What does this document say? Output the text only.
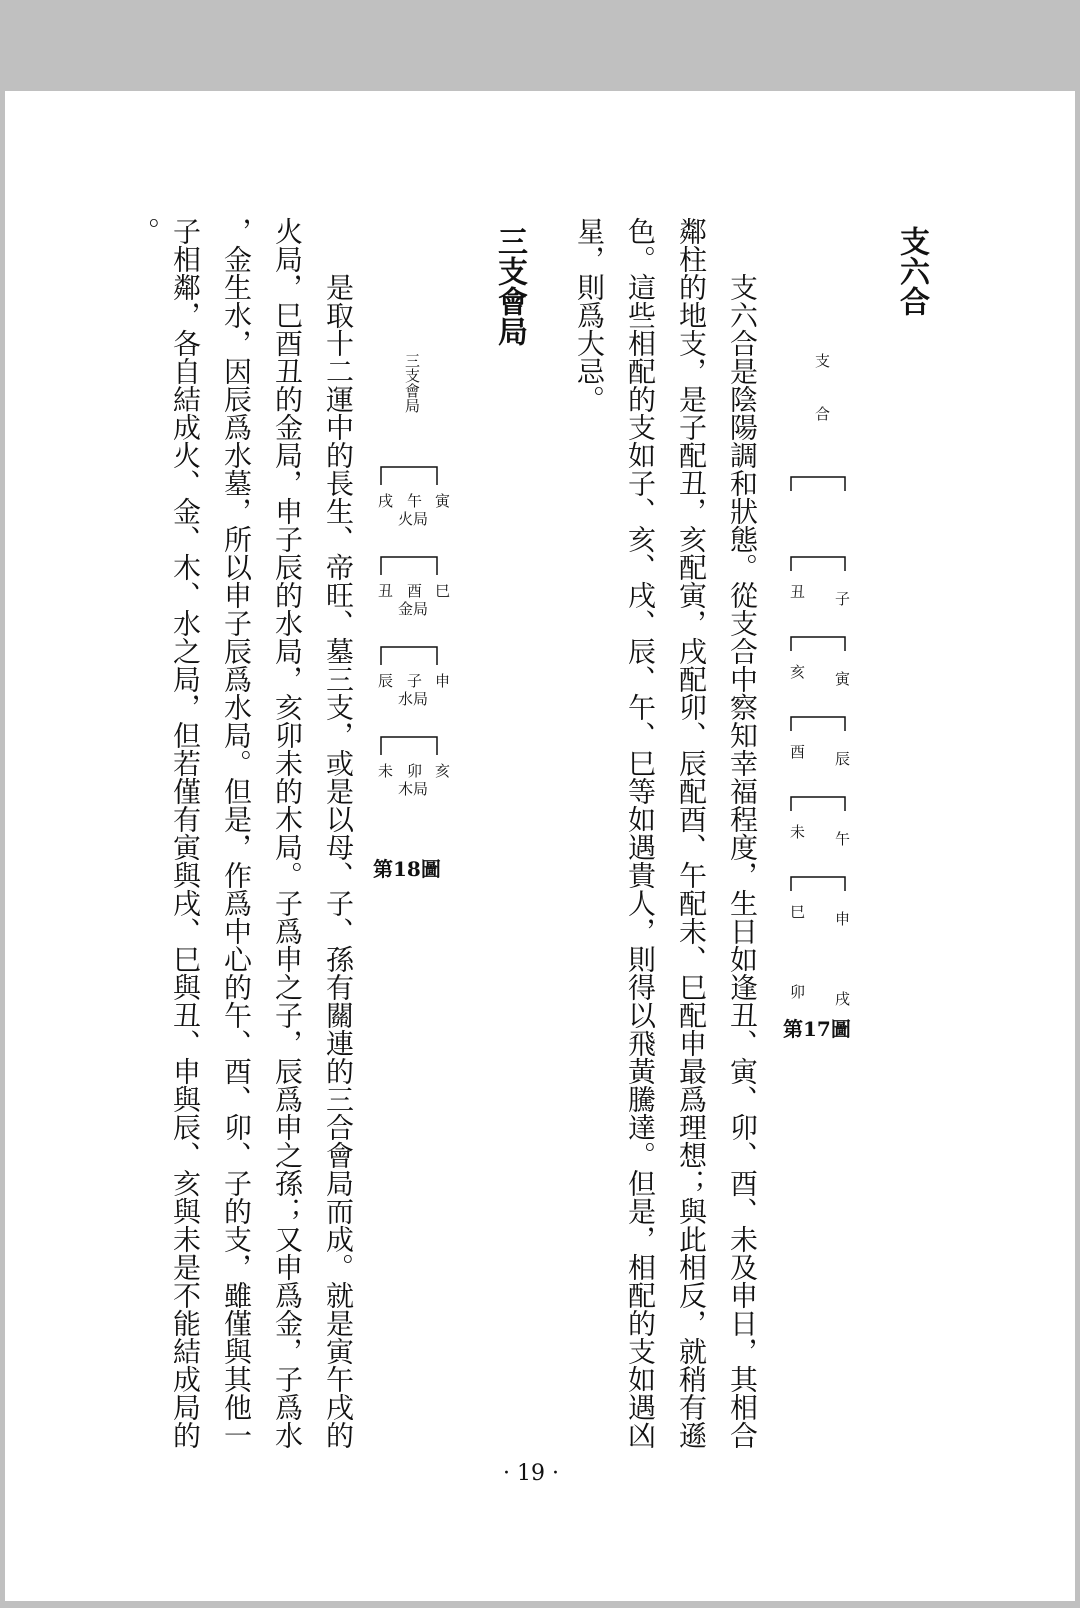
支六合
支六合是陰陽調和狀態。從支合中察知幸福程度，生日如逢丑、寅、卯、酉、未及申日，其相合
鄰柱的地支，是子配丑，亥配寅，戌配卯、辰配酉、午配未、巳配申最爲理想；與此相反，就稍有遜
色。這些相配的支如子、亥、戌、辰、午、巳等如遇貴人，則得以飛黃騰達。但是，相配的支如遇凶
星，則爲大忌。	支合
子
丑
寅
亥
辰
酉
午
未
申
巳
戌
卯
第17圖
三支會局
三支會局
寅
午
戌
火局
巳
酉
丑
金局
申
子
辰
水局
亥
卯
未
木局
第18圖
是取十二運中的長生、帝旺、墓三支，或是以母、子、孫有關連的三合會局而成。就是寅午戌的
火局，巳酉丑的金局，申子辰的水局，亥卯未的木局。子爲申之子，辰爲申之孫；又申爲金，子爲水
，金生水，因辰爲水墓，所以申子辰爲水局。但是，作爲中心的午、酉、卯、子的支，雖僅與其他一
子相鄰，各自結成火、金、木、水之局，但若僅有寅與戌、巳與丑、申與辰、亥與未是不能結成局的
。
· 19 ·
